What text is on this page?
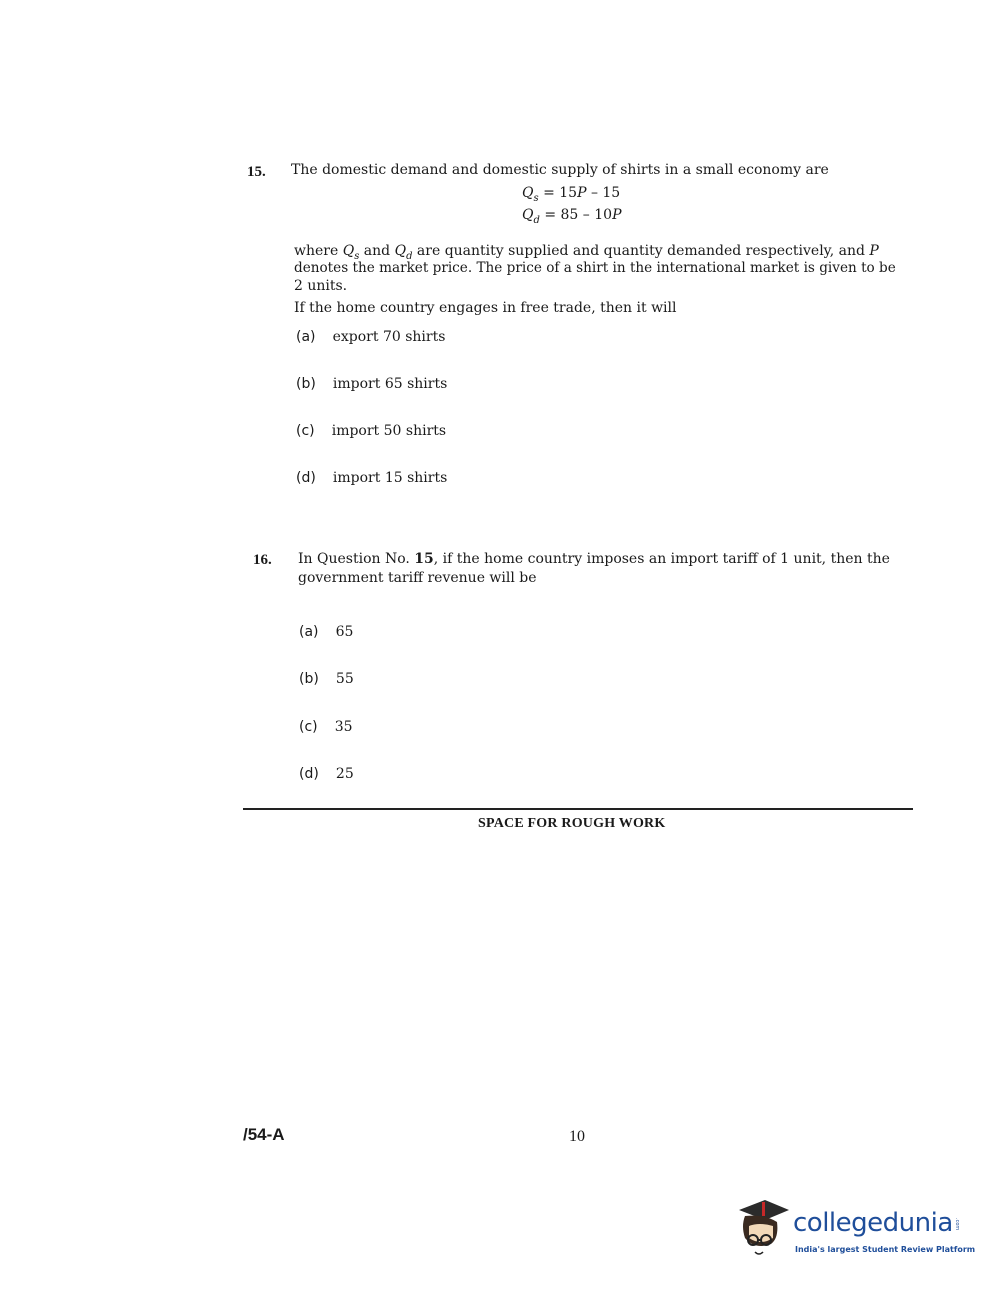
15. The domestic demand and domestic supply of shirts in a small economy are
$Q_s = 15P - 15$
$Q_d = 85 - 10P$
where $Q_s$ and $Q_d$ are quantity supplied and quantity demanded respectively, and P
denotes the market price. The price of a shirt in the international market is given to be
2 units.
If the home country engages in free trade, then it will
(a) export 70 shirts
(b) import 65 shirts
(c) import 50 shirts
(d) import 15 shirts
16. In Question No. 15, if the home country imposes an import tariff of 1 unit, then the
government tariff revenue will be
(a) 65
(b) 55
(c) 35
(d) 25
SPACE FOR ROUGH WORK
/54-A	10
collegedunia .com
India's largest Student Review Platform
